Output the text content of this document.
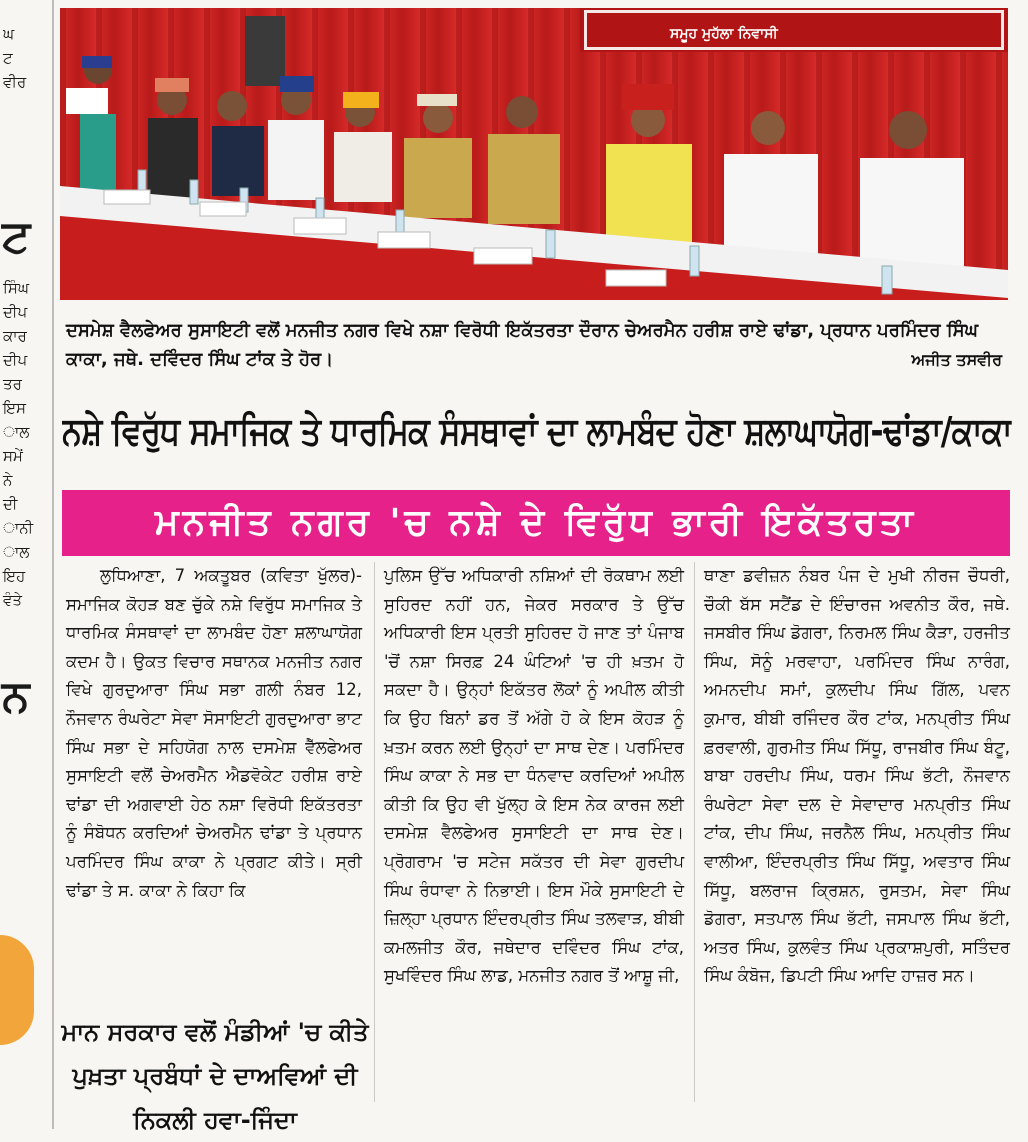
ਘ
ਟ
ਵੀਰ
ਟ
ਸਿੰਘ
ਦੀਪ
ਕਾਰ
ਦੀਪ
ਤਰ
ਇਸ
ਾਲ
ਸਮੇਂ
ਨੇ
ਦੀ
ਾਨੀ
ਾਲ
ਇਹ
ਵੰਤੇ
ਨ
ਸਮੂਹ ਮੁਹੱਲਾ ਨਿਵਾਸੀ
ਦਸਮੇਸ਼ ਵੈਲਫੇਅਰ ਸੁਸਾਇਟੀ ਵਲੋਂ ਮਨਜੀਤ ਨਗਰ ਵਿਖੇ ਨਸ਼ਾ ਵਿਰੋਧੀ ਇਕੱਤਰਤਾ ਦੌਰਾਨ ਚੇਅਰਮੈਨ ਹਰੀਸ਼ ਰਾਏ ਢਾਂਡਾ, ਪ੍ਰਧਾਨ ਪਰਮਿੰਦਰ ਸਿੰਘ ਕਾਕਾ, ਜਥੇ. ਦਵਿੰਦਰ ਸਿੰਘ ਟਾਂਕ ਤੇ ਹੋਰ।	ਅਜੀਤ ਤਸਵੀਰ
ਨਸ਼ੇ ਵਿਰੁੱਧ ਸਮਾਜਿਕ ਤੇ ਧਾਰਮਿਕ ਸੰਸਥਾਵਾਂ ਦਾ ਲਾਮਬੰਦ ਹੋਣਾ ਸ਼ਲਾਘਾਯੋਗ-ਢਾਂਡਾ/ਕਾਕਾ
ਮਨਜੀਤ ਨਗਰ 'ਚ ਨਸ਼ੇ ਦੇ ਵਿਰੁੱਧ ਭਾਰੀ ਇਕੱਤਰਤਾ

ਲੁਧਿਆਣਾ, 7 ਅਕਤੂਬਰ (ਕਵਿਤਾ ਖੁੱਲਰ)-ਸਮਾਜਿਕ ਕੋਹੜ ਬਣ ਚੁੱਕੇ ਨਸ਼ੇ ਵਿਰੁੱਧ ਸਮਾਜਿਕ ਤੇ ਧਾਰਮਿਕ ਸੰਸਥਾਵਾਂ ਦਾ ਲਾਮਬੰਦ ਹੋਣਾ ਸ਼ਲਾਘਾਯੋਗ ਕਦਮ ਹੈ। ਉਕਤ ਵਿਚਾਰ ਸਥਾਨਕ ਮਨਜੀਤ ਨਗਰ ਵਿਖੇ ਗੁਰਦੁਆਰਾ ਸਿੰਘ ਸਭਾ ਗਲੀ ਨੰਬਰ 12, ਨੌਜਵਾਨ ਰੰਘਰੇਟਾ ਸੇਵਾ ਸੋਸਾਇਟੀ ਗੁਰਦੁਆਰਾ ਭਾਟ ਸਿੰਘ ਸਭਾ ਦੇ ਸਹਿਯੋਗ ਨਾਲ ਦਸਮੇਸ਼ ਵੈੱਲਫੇਅਰ ਸੁਸਾਇਟੀ ਵਲੋਂ ਚੇਅਰਮੈਨ ਐਡਵੋਕੇਟ ਹਰੀਸ਼ ਰਾਏ ਢਾਂਡਾ ਦੀ ਅਗਵਾਈ ਹੇਠ ਨਸ਼ਾ ਵਿਰੋਧੀ ਇਕੱਤਰਤਾ ਨੂੰ ਸੰਬੋਧਨ ਕਰਦਿਆਂ ਚੇਅਰਮੈਨ ਢਾਂਡਾ ਤੇ ਪ੍ਰਧਾਨ ਪਰਮਿੰਦਰ ਸਿੰਘ ਕਾਕਾ ਨੇ ਪ੍ਰਗਟ ਕੀਤੇ। ਸ੍ਰੀ ਢਾਂਡਾ ਤੇ ਸ. ਕਾਕਾ ਨੇ ਕਿਹਾ ਕਿ

ਪੁਲਿਸ ਉੱਚ ਅਧਿਕਾਰੀ ਨਸ਼ਿਆਂ ਦੀ ਰੋਕਥਾਮ ਲਈ ਸੁਹਿਰਦ ਨਹੀਂ ਹਨ, ਜੇਕਰ ਸਰਕਾਰ ਤੇ ਉੱਚ ਅਧਿਕਾਰੀ ਇਸ ਪ੍ਰਤੀ ਸੁਹਿਰਦ ਹੋ ਜਾਣ ਤਾਂ ਪੰਜਾਬ 'ਚੋਂ ਨਸ਼ਾ ਸਿਰਫ਼ 24 ਘੰਟਿਆਂ 'ਚ ਹੀ ਖ਼ਤਮ ਹੋ ਸਕਦਾ ਹੈ। ਉਨ੍ਹਾਂ ਇਕੱਤਰ ਲੋਕਾਂ ਨੂੰ ਅਪੀਲ ਕੀਤੀ ਕਿ ਉਹ ਬਿਨਾਂ ਡਰ ਤੋਂ ਅੱਗੇ ਹੋ ਕੇ ਇਸ ਕੋਹੜ ਨੂੰ ਖ਼ਤਮ ਕਰਨ ਲਈ ਉਨ੍ਹਾਂ ਦਾ ਸਾਥ ਦੇਣ। ਪਰਮਿੰਦਰ ਸਿੰਘ ਕਾਕਾ ਨੇ ਸਭ ਦਾ ਧੰਨਵਾਦ ਕਰਦਿਆਂ ਅਪੀਲ ਕੀਤੀ ਕਿ ਉਹ ਵੀ ਖੁੱਲ੍ਹ ਕੇ ਇਸ ਨੇਕ ਕਾਰਜ ਲਈ ਦਸਮੇਸ਼ ਵੈਲਫੇਅਰ ਸੁਸਾਇਟੀ ਦਾ ਸਾਥ ਦੇਣ। ਪ੍ਰੋਗਰਾਮ 'ਚ ਸਟੇਜ ਸਕੱਤਰ ਦੀ ਸੇਵਾ ਗੁਰਦੀਪ ਸਿੰਘ ਰੰਧਾਵਾ ਨੇ ਨਿਭਾਈ। ਇਸ ਮੌਕੇ ਸੁਸਾਇਟੀ ਦੇ ਜ਼ਿਲ੍ਹਾ ਪ੍ਰਧਾਨ ਇੰਦਰਪ੍ਰੀਤ ਸਿੰਘ ਤਲਵਾੜ, ਬੀਬੀ ਕਮਲਜੀਤ ਕੌਰ, ਜਥੇਦਾਰ ਦਵਿੰਦਰ ਸਿੰਘ ਟਾਂਕ, ਸੁਖਵਿੰਦਰ ਸਿੰਘ ਲਾਡ, ਮਨਜੀਤ ਨਗਰ ਤੋਂ ਆਸ਼ੂ ਜੀ,

ਥਾਣਾ ਡਵੀਜ਼ਨ ਨੰਬਰ ਪੰਜ ਦੇ ਮੁਖੀ ਨੀਰਜ ਚੌਧਰੀ, ਚੌਕੀ ਬੱਸ ਸਟੈਂਡ ਦੇ ਇੰਚਾਰਜ ਅਵਨੀਤ ਕੌਰ, ਜਥੇ. ਜਸਬੀਰ ਸਿੰਘ ਡੋਗਰਾ, ਨਿਰਮਲ ਸਿੰਘ ਕੈੜਾ, ਹਰਜੀਤ ਸਿੰਘ, ਸੋਨੂੰ ਮਰਵਾਹਾ, ਪਰਮਿੰਦਰ ਸਿੰਘ ਨਾਰੰਗ, ਅਮਨਦੀਪ ਸਮਾਂ, ਕੁਲਦੀਪ ਸਿੰਘ ਗਿੱਲ, ਪਵਨ ਕੁਮਾਰ, ਬੀਬੀ ਰਜਿੰਦਰ ਕੌਰ ਟਾਂਕ, ਮਨਪ੍ਰੀਤ ਸਿੰਘ ਫ਼ਰਵਾਲੀ, ਗੁਰਮੀਤ ਸਿੰਘ ਸਿੱਧੂ, ਰਾਜਬੀਰ ਸਿੰਘ ਬੰਟੂ, ਬਾਬਾ ਹਰਦੀਪ ਸਿੰਘ, ਧਰਮ ਸਿੰਘ ਭੱਟੀ, ਨੌਜਵਾਨ ਰੰਘਰੇਟਾ ਸੇਵਾ ਦਲ ਦੇ ਸੇਵਾਦਾਰ ਮਨਪ੍ਰੀਤ ਸਿੰਘ ਟਾਂਕ, ਦੀਪ ਸਿੰਘ, ਜਰਨੈਲ ਸਿੰਘ, ਮਨਪ੍ਰੀਤ ਸਿੰਘ ਵਾਲੀਆ, ਇੰਦਰਪ੍ਰੀਤ ਸਿੰਘ ਸਿੱਧੂ, ਅਵਤਾਰ ਸਿੰਘ ਸਿੱਧੂ, ਬਲਰਾਜ ਕ੍ਰਿਸ਼ਨ, ਰੁਸਤਮ, ਸੇਵਾ ਸਿੰਘ ਡੋਗਰਾ, ਸਤਪਾਲ ਸਿੰਘ ਭੱਟੀ, ਜਸਪਾਲ ਸਿੰਘ ਭੱਟੀ, ਅਤਰ ਸਿੰਘ, ਕੁਲਵੰਤ ਸਿੰਘ ਪ੍ਰਕਾਸ਼ਪੁਰੀ, ਸਤਿੰਦਰ ਸਿੰਘ ਕੰਬੋਜ, ਡਿਪਟੀ ਸਿੰਘ ਆਦਿ ਹਾਜ਼ਰ ਸਨ।

ਮਾਨ ਸਰਕਾਰ ਵਲੋਂ ਮੰਡੀਆਂ 'ਚ ਕੀਤੇ ਪੁਖ਼ਤਾ ਪ੍ਰਬੰਧਾਂ ਦੇ ਦਾਅਵਿਆਂ ਦੀ ਨਿਕਲੀ ਹਵਾ-ਜਿੰਦਾ
